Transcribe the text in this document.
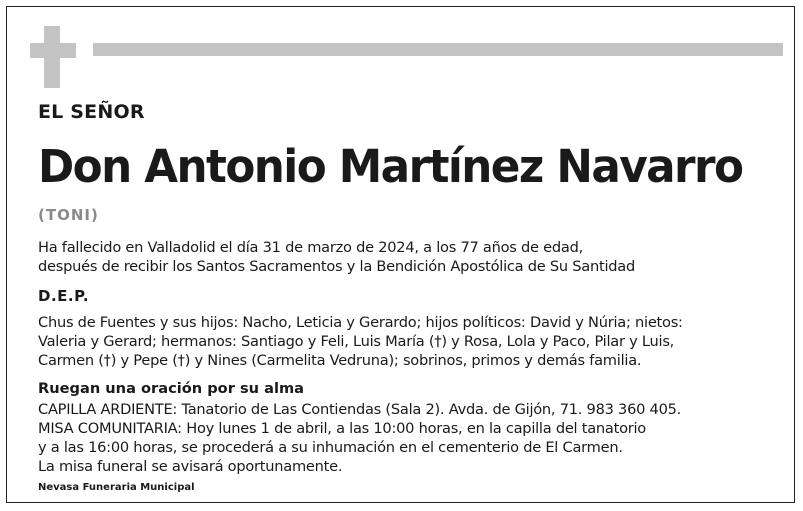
EL SEÑOR
Don Antonio Martínez Navarro
(TONI)
Ha fallecido en Valladolid el día 31 de marzo de 2024, a los 77 años de edad,
después de recibir los Santos Sacramentos y la Bendición Apostólica de Su Santidad
D.E.P.
Chus de Fuentes y sus hijos: Nacho, Leticia y Gerardo; hijos políticos: David y Núria; nietos:
Valeria y Gerard; hermanos: Santiago y Feli, Luis María (†) y Rosa, Lola y Paco, Pilar y Luis,
Carmen (†) y Pepe (†) y Nines (Carmelita Vedruna); sobrinos, primos y demás familia.
Ruegan una oración por su alma
CAPILLA ARDIENTE: Tanatorio de Las Contiendas (Sala 2). Avda. de Gijón, 71. 983 360 405.
MISA COMUNITARIA: Hoy lunes 1 de abril, a las 10:00 horas, en la capilla del tanatorio
y a las 16:00 horas, se procederá a su inhumación en el cementerio de El Carmen.
La misa funeral se avisará oportunamente.
Nevasa Funeraria Municipal
